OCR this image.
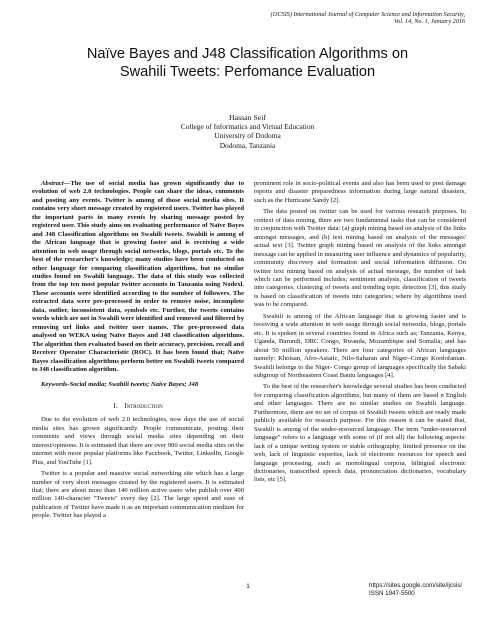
(IJCSIS) International Journal of Computer Science and Information Security,
Vol. 14, No. 1, January 2016
Naïve Bayes and J48 Classification Algorithms on
Swahili Tweets: Perfomance Evaluation
Hassan Seif
College of Informatics and Virtual Education
University of Dodoma
Dodoma, Tanzania

Abstract—The use of social media has grown significantly due to evolution of web 2.0 technologies. People can share the ideas, comments and posting any events. Twitter is among of those social media sites. It contains very short message created by registered users. Twitter has played the important parts in many events by sharing message posted by registered user. This study aims on evaluating performance of Naïve Bayes and J48 Classification algorithms on Swahili tweets. Swahili is among of the African language that is growing faster and is receiving a wide attention in web usage through social networks, blogs, portals etc. To the best of the researcher's knowledge; many studies have been conducted on other language for comparing classification algorithms, but no similar studies found on Swahili language. The data of this study was collected from the top ten most popular twitter accounts in Tanzania using Nodexl. These accounts were identified according to the number of followers. The extracted data were pre-processed in order to remove noise, incomplete data, outlier, inconsistent data, symbols etc. Further, the tweets contains words which are not in Swahili were identified and removed and filtered by removing url links and twitter user names. The pre-processed data analysed on WEKA using Naïve Bayes and J48 classification algorithms. The algorithm then evaluated based on their accuracy, precision, recall and Receiver Operator Characteristic (ROC). It has been found that; Naïve Bayes classification algorithms perform better on Swahili tweets compared to J48 classification algorithm.

Keywords-Social media; Swahili tweets; Naive Bayes; J48

I. Introduction

Due to the evolution of web 2.0 technologies, now days the use of social media sites has grown significantly. People communicate, posting their comments and views through social media sites depending on their interest/opinions. It is estimated that there are over 900 social media sites on the internet with more popular platforms like Facebook, Twitter, LinkedIn, Google Plus, and YouTube [1].

Twitter is a popular and massive social networking site which has a large number of very short messages created by the registered users. It is estimated that; there are about more than 140 million active users who publish over 400 million 140-character "Tweets" every day [2]. The large speed and ease of publication of Twitter have made it as an important communication medium for people. Twitter has played a

prominent role in socio-political events and also has been used to post damage reports and disaster preparedness information during large natural disasters, such as the Hurricane Sandy [2].

The data posted on twitter can be used for various research purposes. In context of data mining, there are two fundamental tasks that can be considered in conjunction with Twitter data: (a) graph mining based on analysis of the links amongst messages, and (b) text mining based on analysis of the messages' actual text [3]. Twitter graph mining based on analysis of the links amongst message can be applied in measuring user influence and dynamics of popularity, community discovery and formation and social information diffusion. On twitter text mining based on analysis of actual message, the number of task which can be performed includes; sentiment analysis, classification of tweets into categories, clustering of tweets and trending topic detection [3], this study is based on classification of tweets into categories; where by algorithms used was to be compared.

Swahili is among of the African language that is growing faster and is receiving a wide attention in web usage through social networks, blogs, portals etc. It is spoken in several countries found in Africa such as; Tanzania, Kenya, Uganda, Burundi, DRC Congo, Rwanda, Mozambique and Somalia; and has about 50 million speakers. There are four categories of African languages namely: Khoisan, Afro-Asiatic, Nilo-Saharan and Niger–Congo Kordofanian. Swahili belongs to the Niger- Congo group of languages specifically the Sabaki subgroup of Northeastern Coast Bantu languages [4].

To the best of the researcher's knowledge several studies has been conducted for comparing classification algorithms, but many of them are based n English and other languages. There are no similar studies on Swahili language. Furthermore, there are no set of corpus of Swahili tweets which are ready made publicly available for research purpose. For this reason it can be stated that, Swahili is among of the under-resourced language. The term "under-resourced language" refers to a language with some of (if not all) the following aspects: lack of a unique writing system or stable orthography, limited presence on the web, lack of linguistic expertise, lack of electronic resources for speech and language processing, such as monolingual corpora, bilingual electronic dictionaries, transcribed speech data, pronunciation dictionaries, vocabulary lists, etc [5].

1	https://sites.google.com/site/ijcsis/
ISSN 1947-5500
